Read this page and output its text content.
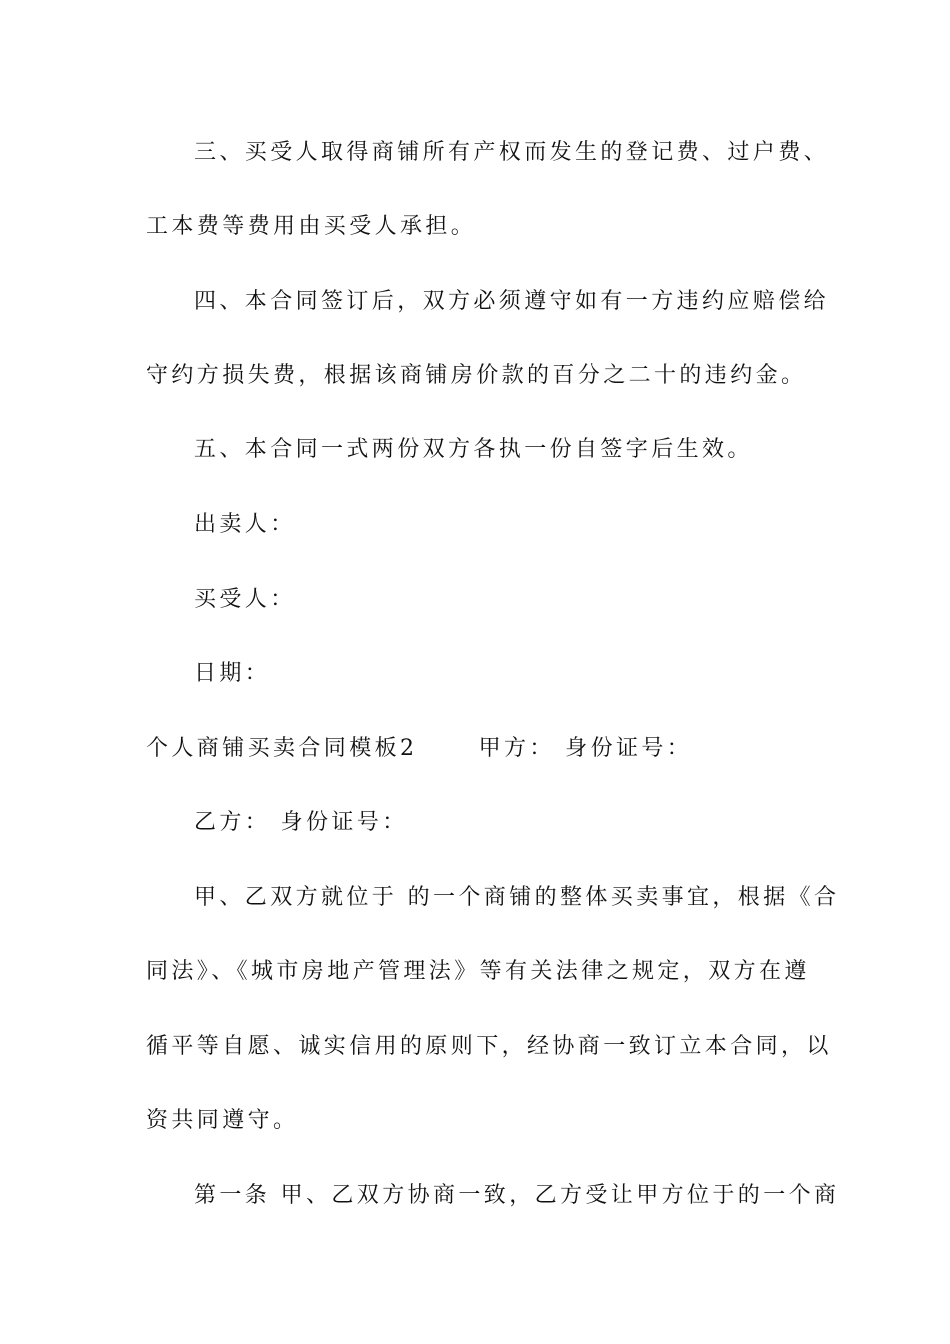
三、买受人取得商铺所有产权而发生的登记费、过户费、
工本费等费用由买受人承担。
四、本合同签订后，双方必须遵守如有一方违约应赔偿给
守约方损失费，根据该商铺房价款的百分之二十的违约金。
五、本合同一式两份双方各执一份自签字后生效。
出卖人：
买受人：
日期：
个人商铺买卖合同模板2　　 甲方： 身份证号：
乙方： 身份证号：
甲、乙双方就位于 的一个商铺的整体买卖事宜，根据《合
同法》、《城市房地产管理法》等有关法律之规定，双方在遵
循平等自愿、诚实信用的原则下，经协商一致订立本合同，以
资共同遵守。
第一条 甲、乙双方协商一致，乙方受让甲方位于的一个商
